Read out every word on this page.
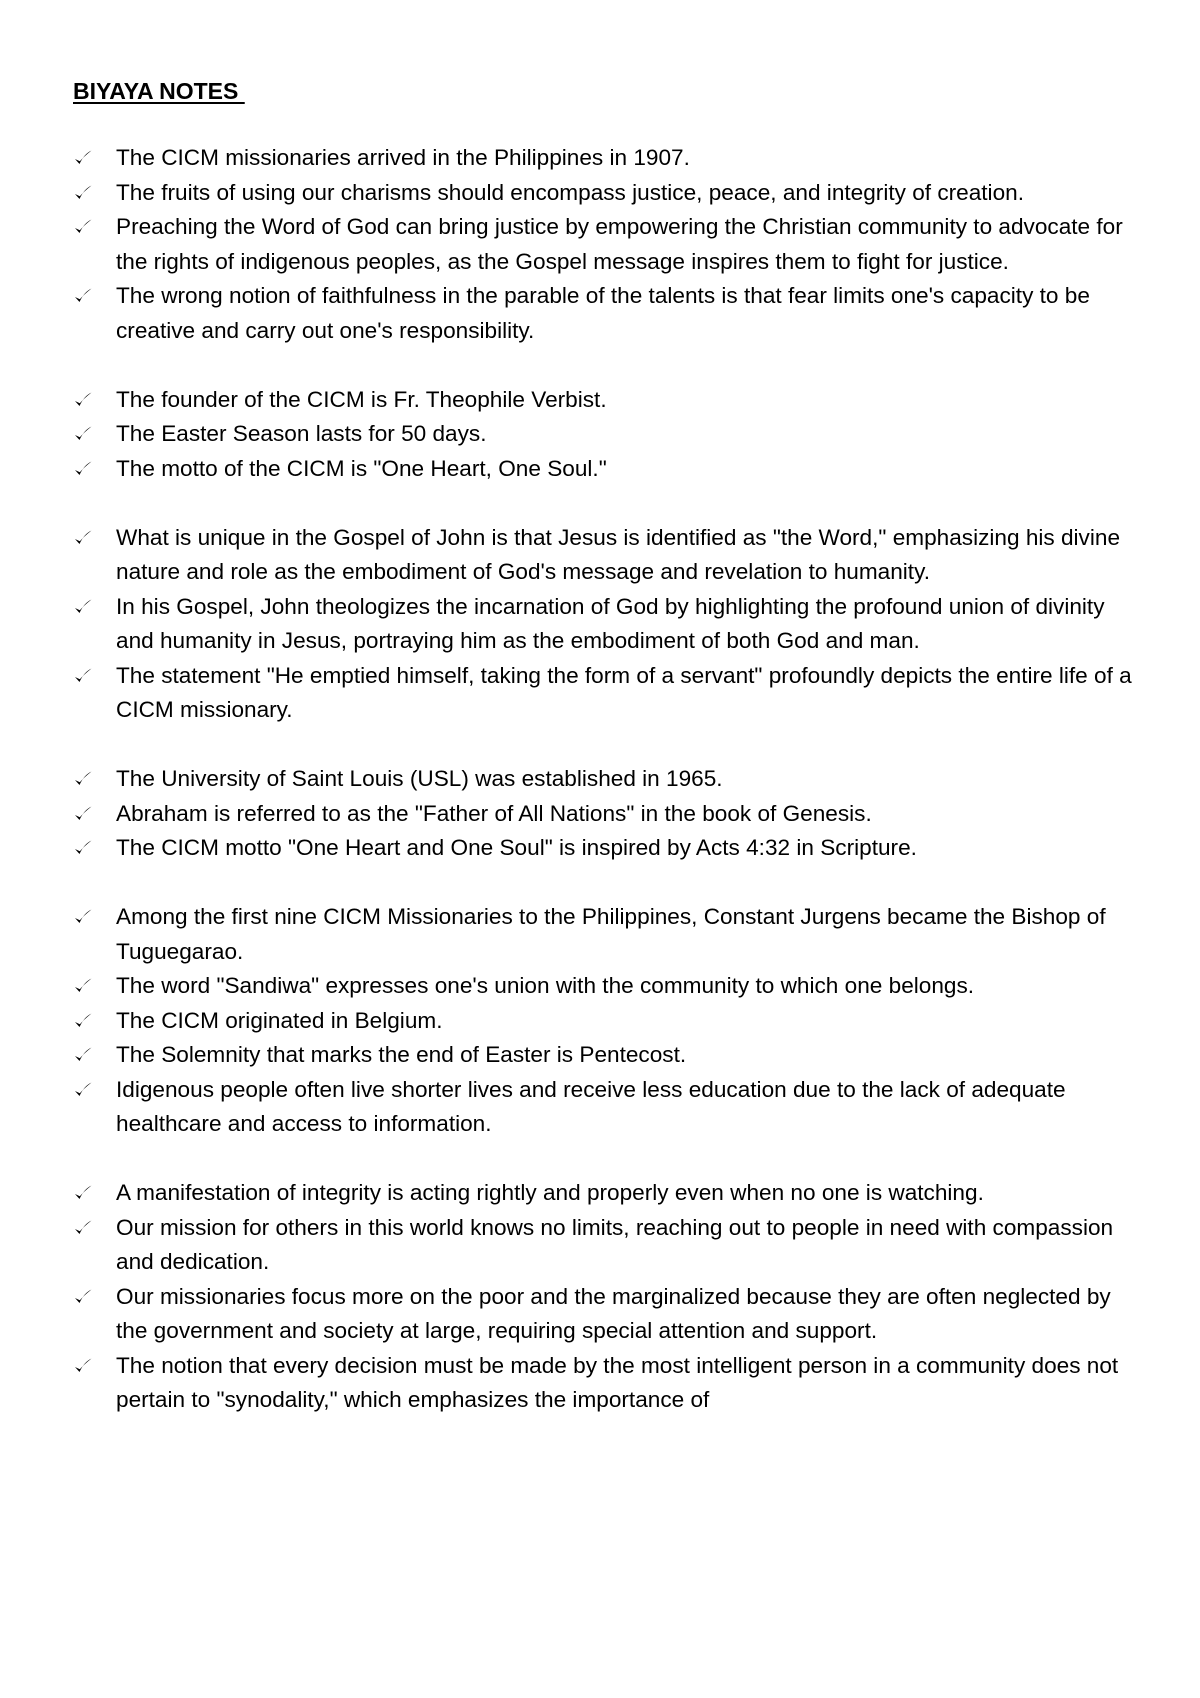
BIYAYA NOTES
The CICM missionaries arrived in the Philippines in 1907.
The fruits of using our charisms should encompass justice, peace, and integrity of creation.
Preaching the Word of God can bring justice by empowering the Christian community to advocate for the rights of indigenous peoples, as the Gospel message inspires them to fight for justice.
The wrong notion of faithfulness in the parable of the talents is that fear limits one's capacity to be creative and carry out one's responsibility.
The founder of the CICM is Fr. Theophile Verbist.
The Easter Season lasts for 50 days.
The motto of the CICM is "One Heart, One Soul."
What is unique in the Gospel of John is that Jesus is identified as "the Word," emphasizing his divine nature and role as the embodiment of God's message and revelation to humanity.
In his Gospel, John theologizes the incarnation of God by highlighting the profound union of divinity and humanity in Jesus, portraying him as the embodiment of both God and man.
The statement "He emptied himself, taking the form of a servant" profoundly depicts the entire life of a CICM missionary.
The University of Saint Louis (USL) was established in 1965.
Abraham is referred to as the "Father of All Nations" in the book of Genesis.
The CICM motto "One Heart and One Soul" is inspired by Acts 4:32 in Scripture.
Among the first nine CICM Missionaries to the Philippines, Constant Jurgens became the Bishop of Tuguegarao.
The word "Sandiwa" expresses one's union with the community to which one belongs.
The CICM originated in Belgium.
The Solemnity that marks the end of Easter is Pentecost.
Idigenous people often live shorter lives and receive less education due to the lack of adequate healthcare and access to information.
A manifestation of integrity is acting rightly and properly even when no one is watching.
Our mission for others in this world knows no limits, reaching out to people in need with compassion and dedication.
Our missionaries focus more on the poor and the marginalized because they are often neglected by the government and society at large, requiring special attention and support.
The notion that every decision must be made by the most intelligent person in a community does not pertain to "synodality," which emphasizes the importance of
